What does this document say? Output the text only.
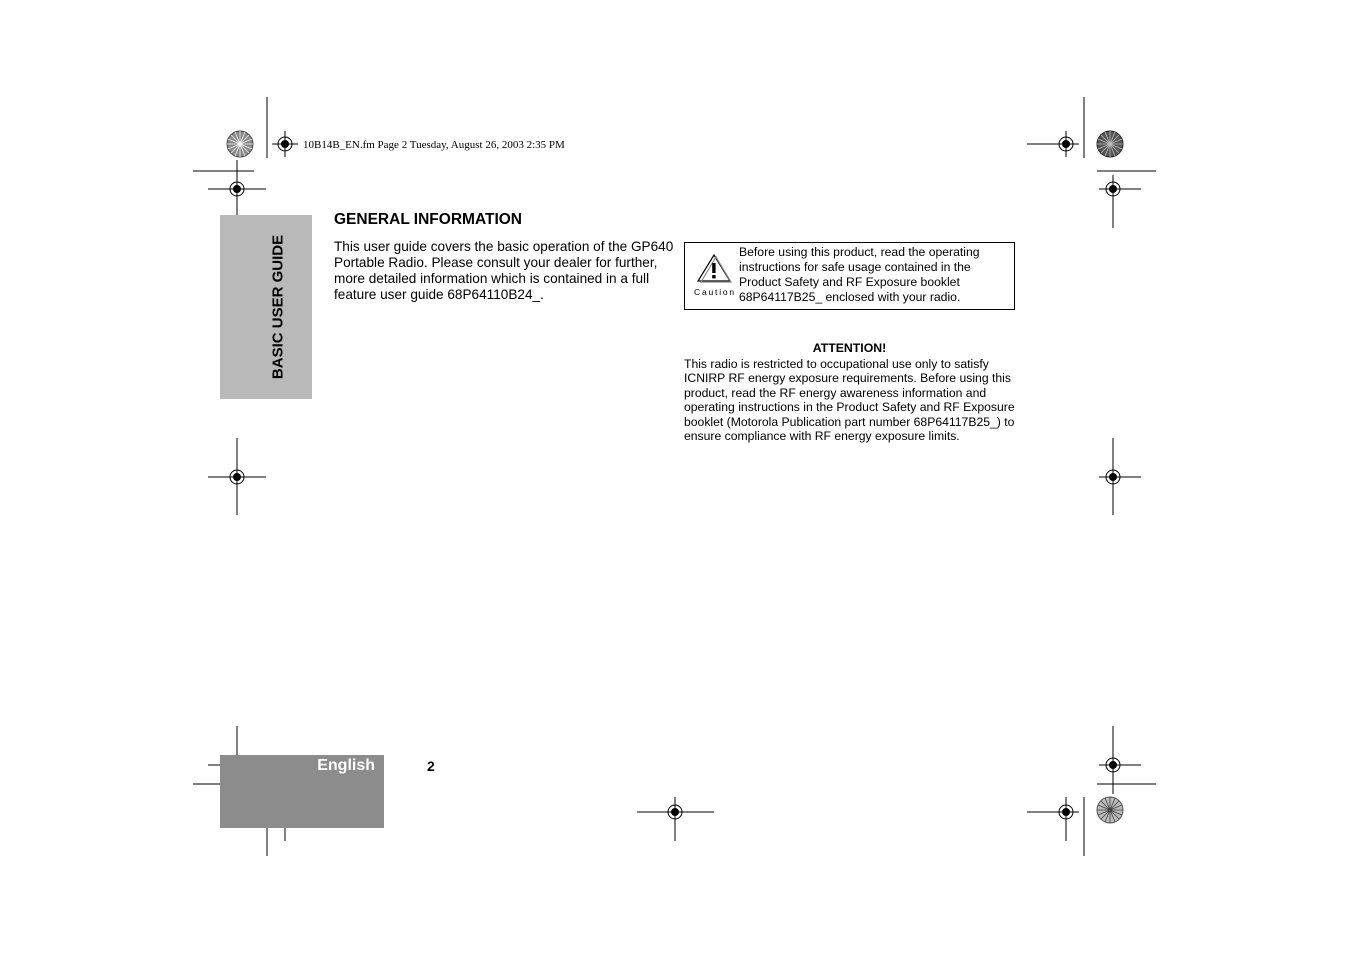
10B14B_EN.fm Page 2 Tuesday, August 26, 2003 2:35 PM
BASIC USER GUIDE
GENERAL INFORMATION
This user guide covers the basic operation of the GP640 Portable Radio. Please consult your dealer for further, more detailed information which is contained in a full feature user guide 68P64110B24_.	Caution
Before using this product, read the operating instructions for safe usage contained in the Product Safety and RF Exposure booklet 68P64117B25_ enclosed with your radio.
ATTENTION!
This radio is restricted to occupational use only to satisfy ICNIRP RF energy exposure requirements. Before using this product, read the RF energy awareness information and operating instructions in the Product Safety and RF Exposure booklet (Motorola Publication part number 68P64117B25_) to ensure compliance with RF energy exposure limits.
English	2
